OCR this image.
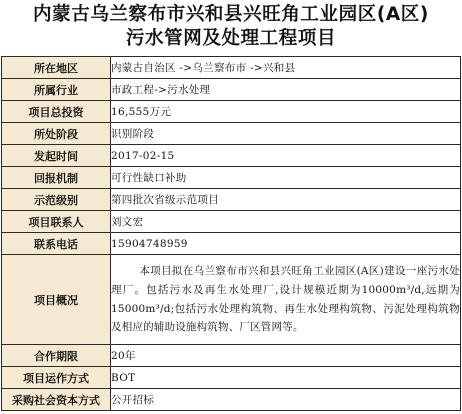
内蒙古乌兰察布市兴和县兴旺角工业园区(A区)
污水管网及处理工程项目
所在地区	内蒙古自治区 ->乌兰察布市 ->兴和县
所属行业	市政工程->污水处理
项目总投资	16,555万元
所处阶段	识别阶段
发起时间	2017-02-15
回报机制	可行性缺口补助
示范级别	第四批次省级示范项目
项目联系人	刘文宏
联系电话	15904748959
项目概况	本项目拟在乌兰察布市兴和县兴旺角工业园区(A区)建设一座污水处理厂。包括污水及再生水处理厂,设计规模近期为10000m³/d,远期为15000m³/d;包括污水处理构筑物、再生水处理构筑物、污泥处理构筑物及相应的辅助设施构筑物、厂区管网等。
合作期限	20年
项目运作方式	BOT
采购社会资本方式	公开招标
